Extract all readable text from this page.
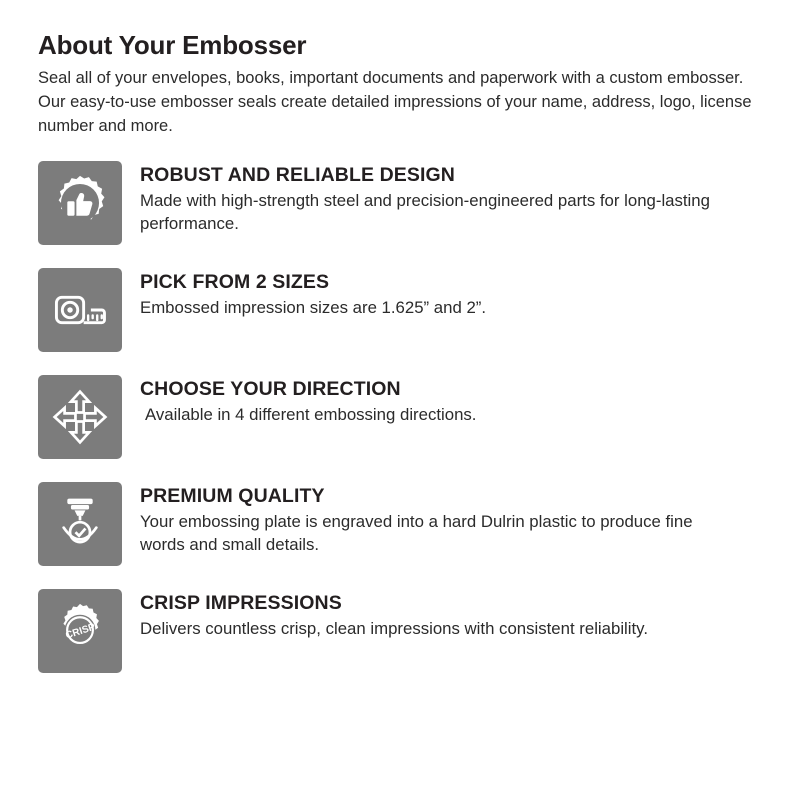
About Your Embosser

Seal all of your envelopes, books, important documents and paperwork with a custom embosser. Our easy-to-use embosser seals create detailed impressions of your name, address, logo, license number and more.

ROBUST AND RELIABLE DESIGN

Made with high-strength steel and precision-engineered parts for long-lasting performance.

PICK FROM 2 SIZES

Embossed impression sizes are 1.625” and 2”.

CHOOSE YOUR DIRECTION

Available in 4 different embossing directions.

PREMIUM QUALITY

Your embossing plate is engraved into a hard Dulrin plastic to produce fine words and small details.

CRISP
CRISP IMPRESSIONS

Delivers countless crisp, clean impressions with consistent reliability.
